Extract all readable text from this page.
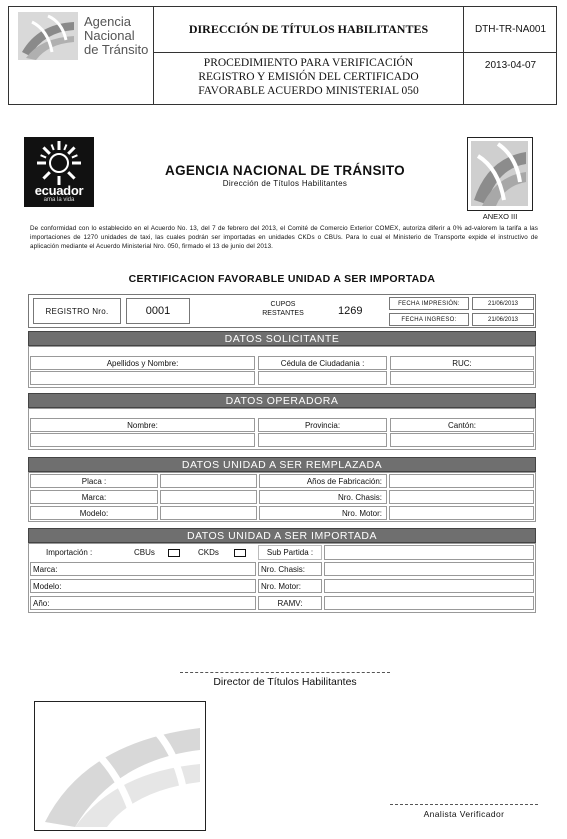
Agencia
Nacional
de Tránsito
DIRECCIÓN DE TÍTULOS HABILITANTES	DTH-TR-NA001
PROCEDIMIENTO PARA VERIFICACIÓN
REGISTRO Y EMISIÓN DEL CERTIFICADO
FAVORABLE ACUERDO MINISTERIAL 050
2013-04-07
ecuador
ama la vida
AGENCIA NACIONAL DE TRÁNSITO
Dirección de Títulos Habilitantes
ANEXO III
De conformidad con lo establecido en el Acuerdo No. 13, del 7 de febrero del 2013, el Comité de Comercio Exterior COMEX, autoriza diferir a 0% ad-valorem la tarifa a las importaciones de 1270 unidades de taxi, las cuales podrán ser importadas en unidades CKDs o CBUs. Para lo cual el Ministerio de Transporte expide el instructivo de aplicación mediante el Acuerdo Ministerial Nro. 050, firmado el 13 de junio del 2013.
CERTIFICACION FAVORABLE UNIDAD A SER IMPORTADA
REGISTRO Nro.	0001
CUPOS
RESTANTES	1269
FECHA IMPRESIÓN:	21/06/2013
FECHA INGRESO:	21/06/2013
DATOS SOLICITANTE
Apellidos y Nombre:	Cédula de Ciudadania :	RUC:
DATOS OPERADORA
Nombre:	Provincia:	Cantón:
DATOS UNIDAD A SER REMPLAZADA
Placa :	Años de Fabricación:
Marca:	Nro. Chasis:
Modelo:	Nro. Motor:
DATOS UNIDAD A SER IMPORTADA
Importación :	CBUs	CKDs	Sub Partida :
Marca:	Nro. Chasis:
Modelo:	Nro. Motor:
Año:	RAMV:
Director de Títulos Habilitantes
Analista Verificador
